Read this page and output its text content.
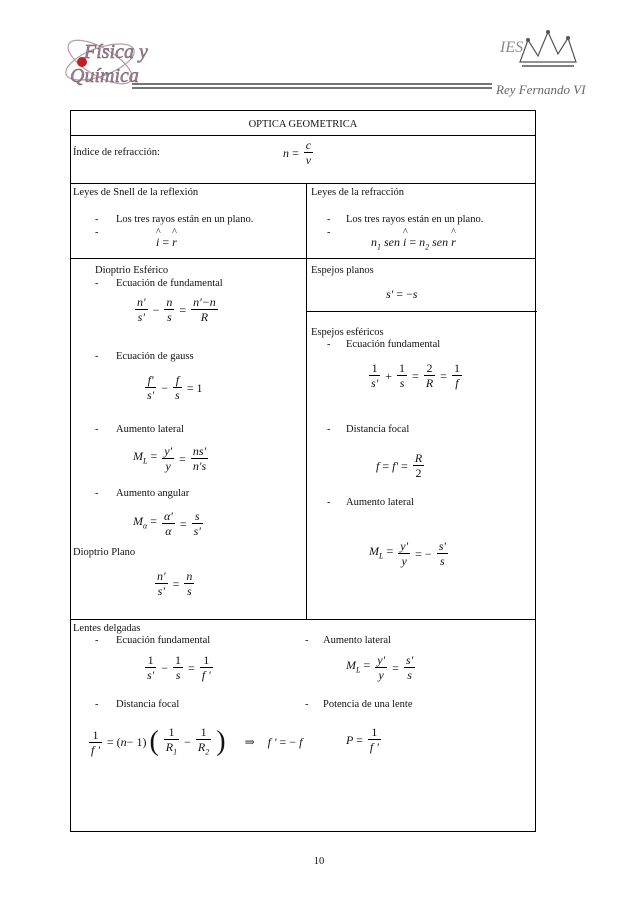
Física y
Química
IES
Rey Fernando VI
OPTICA GEOMETRICA
Índice de refracción:	$n = \frac{c}{v}$
Leyes de Snell de la reflexión
- Los tres rayos están en un plano.
-
^ i = ^ r
Leyes de la refracción
- Los tres rayos están en un plano.
-
$n_1$ sen ^ $i = n_2$ sen ^ r
Dioptrio Esférico
- Ecuación de fundamental
$\frac{n'}{s'} - \frac{n}{s} = \frac{n'-n}{R}$
- Ecuación de gauss
$\frac{f'}{s'} - \frac{f}{s} = 1$
- Aumento lateral
$M_L = \frac{y'}{y} = \frac{ns'}{n's}$
- Aumento angular
$M_\alpha = \frac{\alpha'}{\alpha} = \frac{s}{s'}$
Dioptrio Plano
$\frac{n'}{s'} = \frac{n}{s}$
Espejos planos
s' = −s
Espejos esféricos
- Ecuación fundamental
$\frac{1}{s'} + \frac{1}{s} = \frac{2}{R} = \frac{1}{f}$
- Distancia focal
$f = f' = \frac{R}{2}$
- Aumento lateral
$M_L = \frac{y'}{y}$ = − $\frac{s'}{s}$
Lentes delgadas
- Ecuación fundamental
$\frac{1}{s'} - \frac{1}{s} = \frac{1}{f '}$
- Aumento lateral
$M_L = \frac{y'}{y} = \frac{s'}{s}$
- Distancia focal	- Potencia de una lente
$\frac{1}{f '} = (n- 1)$ ( $\frac{1}{R_1} - \frac{1}{R_2}$ ) ⇒ f ' = − f	$P = \frac{1}{f '}$
10
